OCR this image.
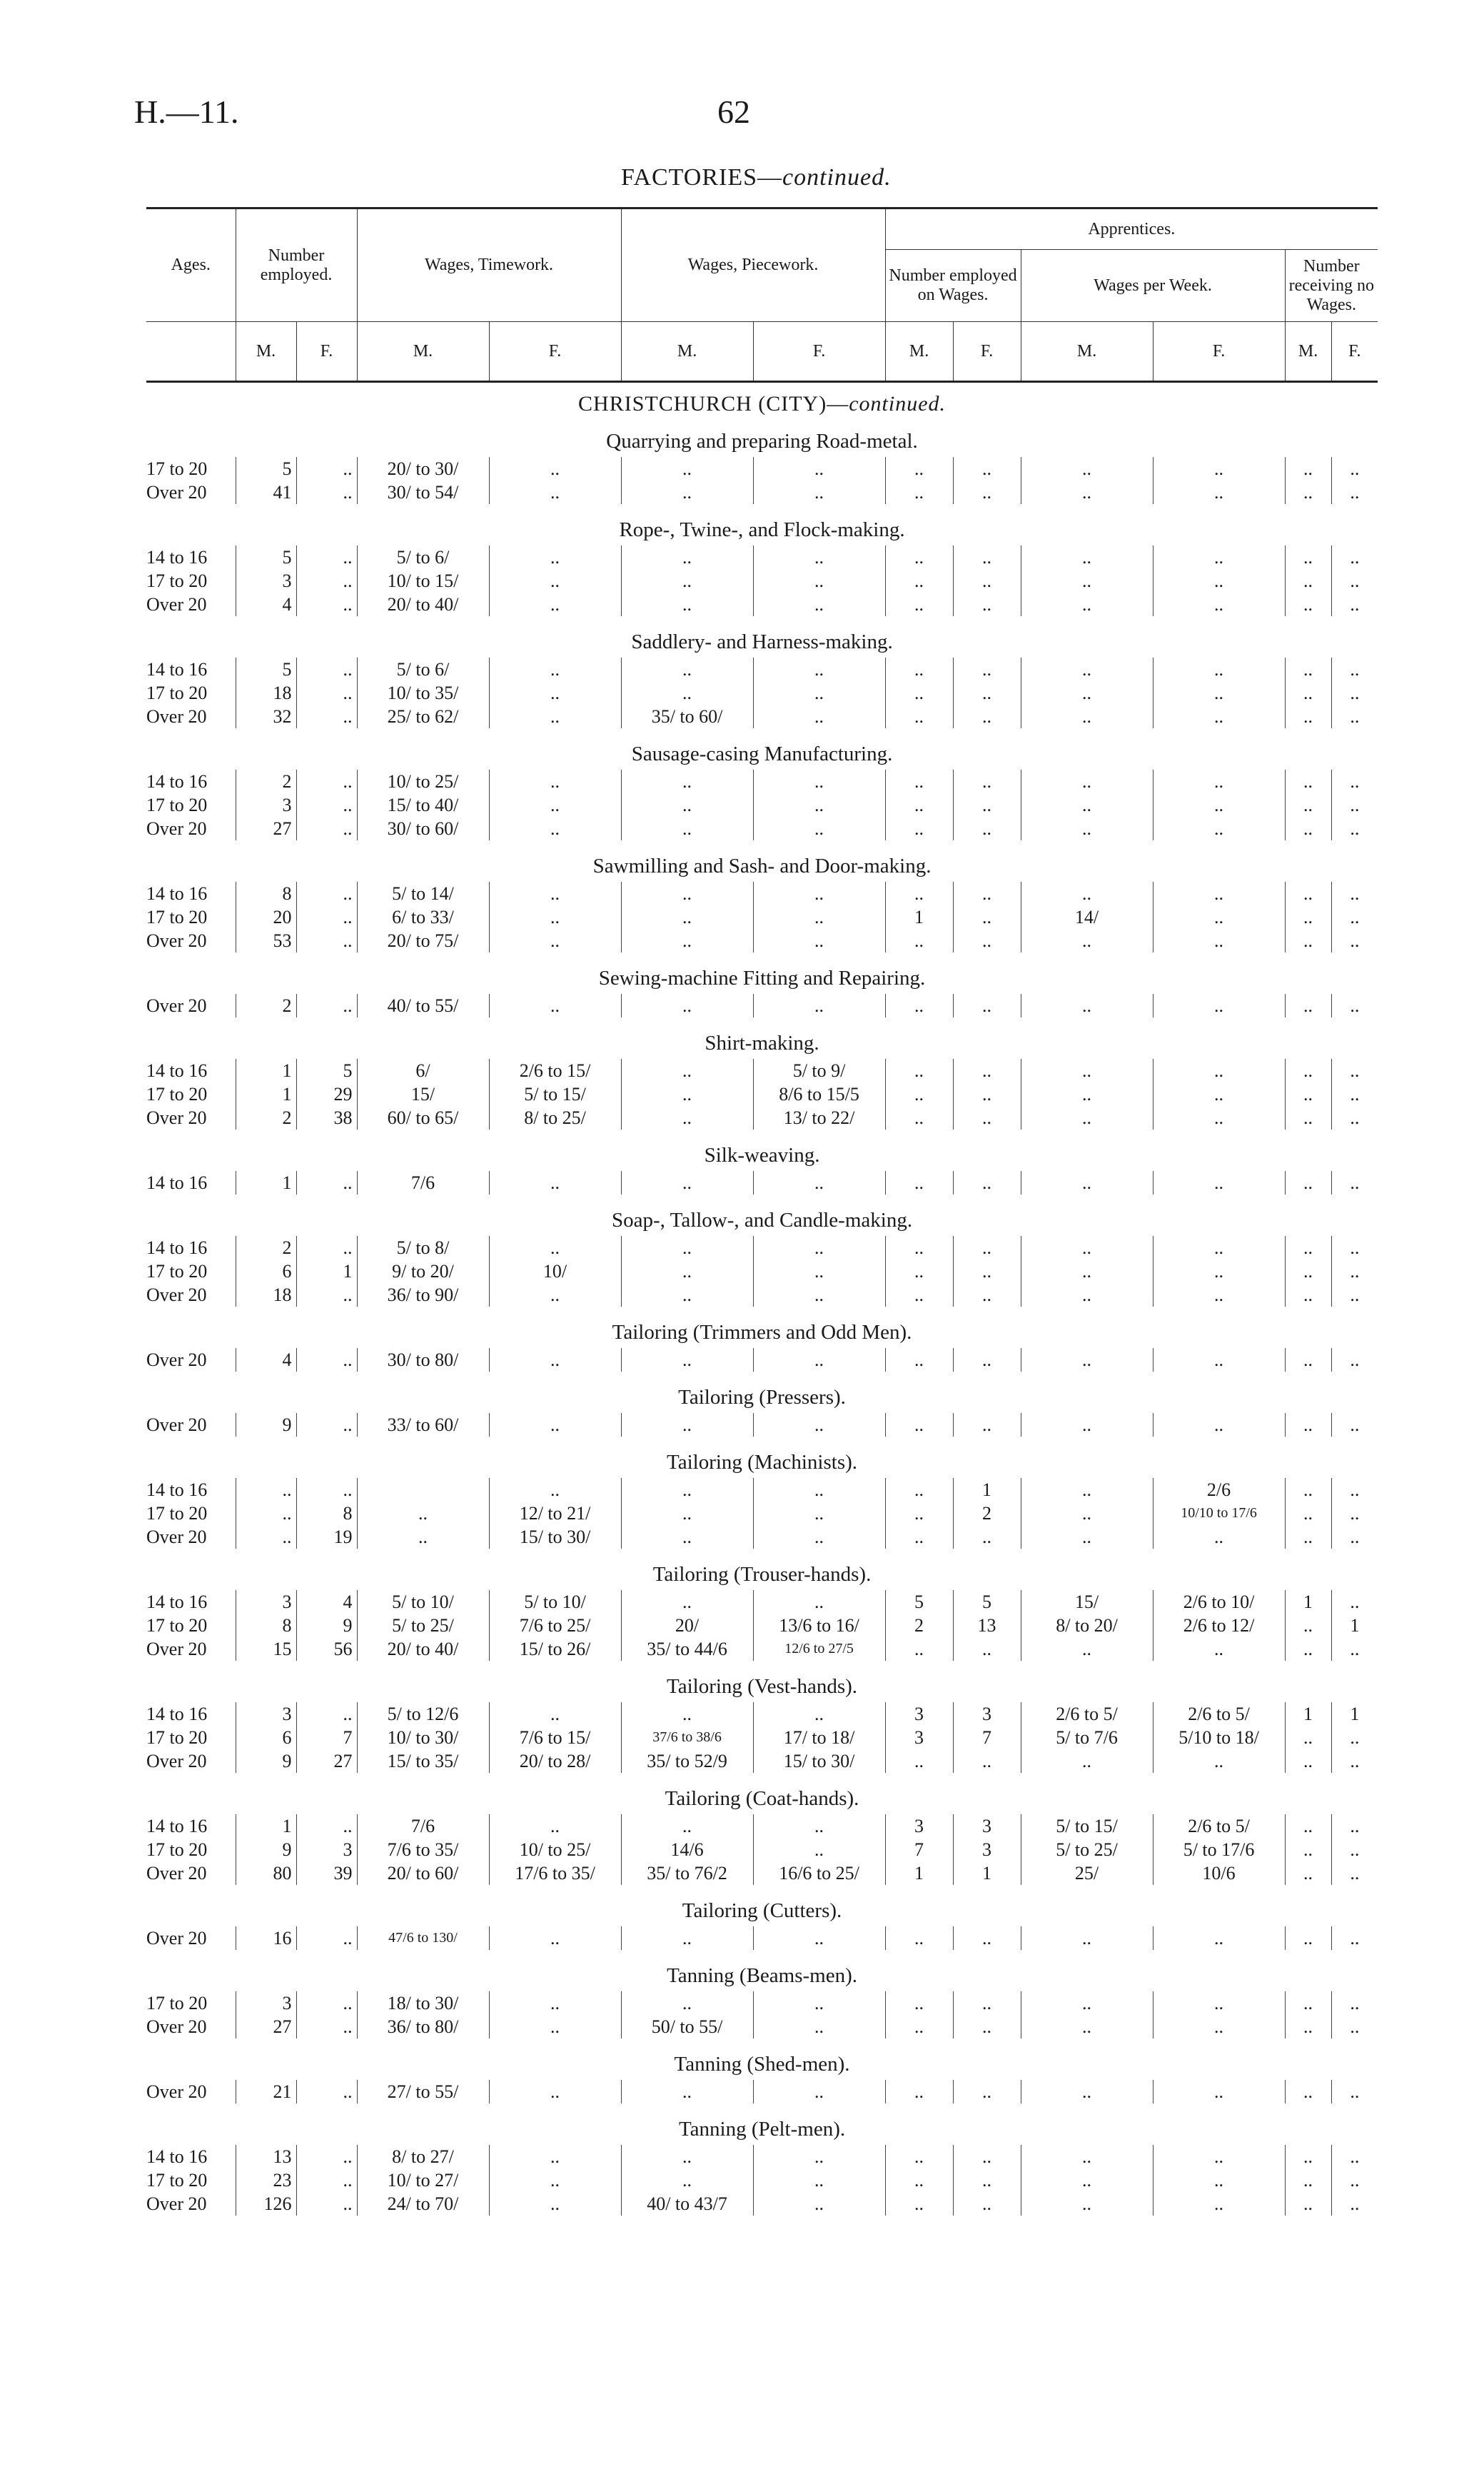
H.—11.	62
FACTORIES—continued.
Ages.	Number employed.		Wages, Timework.		Wages, Piecework.		Apprentices.					
							Number employed on Wages.		Wages per Week.		Number receiving no Wages.	
	M.	F.	M.	F.	M.	F.	M.	F.	M.	F.	M.	F.
CHRISTCHURCH (CITY)—continued.												
Quarrying and preparing Road-metal.												
17 to 20	5	..	20/ to 30/	..	..	..	..	..	..	..	..	..
Over 20	41	..	30/ to 54/	..	..	..	..	..	..	..	..	..

Rope-, Twine-, and Flock-making.												
14 to 16	5	..	5/ to 6/	..	..	..	..	..	..	..	..	..
17 to 20	3	..	10/ to 15/	..	..	..	..	..	..	..	..	..
Over 20	4	..	20/ to 40/	..	..	..	..	..	..	..	..	..

Saddlery- and Harness-making.												
14 to 16	5	..	5/ to 6/	..	..	..	..	..	..	..	..	..
17 to 20	18	..	10/ to 35/	..	..	..	..	..	..	..	..	..
Over 20	32	..	25/ to 62/	..	35/ to 60/	..	..	..	..	..	..	..

Sausage-casing Manufacturing.												
14 to 16	2	..	10/ to 25/	..	..	..	..	..	..	..	..	..
17 to 20	3	..	15/ to 40/	..	..	..	..	..	..	..	..	..
Over 20	27	..	30/ to 60/	..	..	..	..	..	..	..	..	..

Sawmilling and Sash- and Door-making.												
14 to 16	8	..	5/ to 14/	..	..	..	..	..	..	..	..	..
17 to 20	20	..	6/ to 33/	..	..	..	1	..	14/	..	..	..
Over 20	53	..	20/ to 75/	..	..	..	..	..	..	..	..	..

Sewing-machine Fitting and Repairing.												
Over 20	2	..	40/ to 55/	..	..	..	..	..	..	..	..	..

Shirt-making.												
14 to 16	1	5	6/	2/6 to 15/	..	5/ to 9/	..	..	..	..	..	..
17 to 20	1	29	15/	5/ to 15/	..	8/6 to 15/5	..	..	..	..	..	..
Over 20	2	38	60/ to 65/	8/ to 25/	..	13/ to 22/	..	..	..	..	..	..

Silk-weaving.												
14 to 16	1	..	7/6	..	..	..	..	..	..	..	..	..

Soap-, Tallow-, and Candle-making.												
14 to 16	2	..	5/ to 8/	..	..	..	..	..	..	..	..	..
17 to 20	6	1	9/ to 20/	10/	..	..	..	..	..	..	..	..
Over 20	18	..	36/ to 90/	..	..	..	..	..	..	..	..	..

Tailoring (Trimmers and Odd Men).												
Over 20	4	..	30/ to 80/	..	..	..	..	..	..	..	..	..

Tailoring (Pressers).												
Over 20	9	..	33/ to 60/	..	..	..	..	..	..	..	..	..

Tailoring (Machinists).												
14 to 16	..	..		..	..	..	..	1	..	2/6	..	..
17 to 20	..	8	..	12/ to 21/	..	..	..	2	..	10/10 to 17/6	..	..
Over 20	..	19	..	15/ to 30/	..	..	..	..	..	..	..	..

Tailoring (Trouser-hands).												
14 to 16	3	4	5/ to 10/	5/ to 10/	..	..	5	5	15/	2/6 to 10/	1	..
17 to 20	8	9	5/ to 25/	7/6 to 25/	20/	13/6 to 16/	2	13	8/ to 20/	2/6 to 12/	..	1
Over 20	15	56	20/ to 40/	15/ to 26/	35/ to 44/6	12/6 to 27/5	..	..	..	..	..	..

Tailoring (Vest-hands).												
14 to 16	3	..	5/ to 12/6	..	..	..	3	3	2/6 to 5/	2/6 to 5/	1	1
17 to 20	6	7	10/ to 30/	7/6 to 15/	37/6 to 38/6	17/ to 18/	3	7	5/ to 7/6	5/10 to 18/	..	..
Over 20	9	27	15/ to 35/	20/ to 28/	35/ to 52/9	15/ to 30/	..	..	..	..	..	..

Tailoring (Coat-hands).												
14 to 16	1	..	7/6	..	..	..	3	3	5/ to 15/	2/6 to 5/	..	..
17 to 20	9	3	7/6 to 35/	10/ to 25/	14/6	..	7	3	5/ to 25/	5/ to 17/6	..	..
Over 20	80	39	20/ to 60/	17/6 to 35/	35/ to 76/2	16/6 to 25/	1	1	25/	10/6	..	..

Tailoring (Cutters).												
Over 20	16	..	47/6 to 130/	..	..	..	..	..	..	..	..	..

Tanning (Beams-men).												
17 to 20	3	..	18/ to 30/	..	..	..	..	..	..	..	..	..
Over 20	27	..	36/ to 80/	..	50/ to 55/	..	..	..	..	..	..	..

Tanning (Shed-men).												
Over 20	21	..	27/ to 55/	..	..	..	..	..	..	..	..	..

Tanning (Pelt-men).												
14 to 16	13	..	8/ to 27/	..	..	..	..	..	..	..	..	..
17 to 20	23	..	10/ to 27/	..	..	..	..	..	..	..	..	..
Over 20	126	..	24/ to 70/	..	40/ to 43/7	..	..	..	..	..	..	..
